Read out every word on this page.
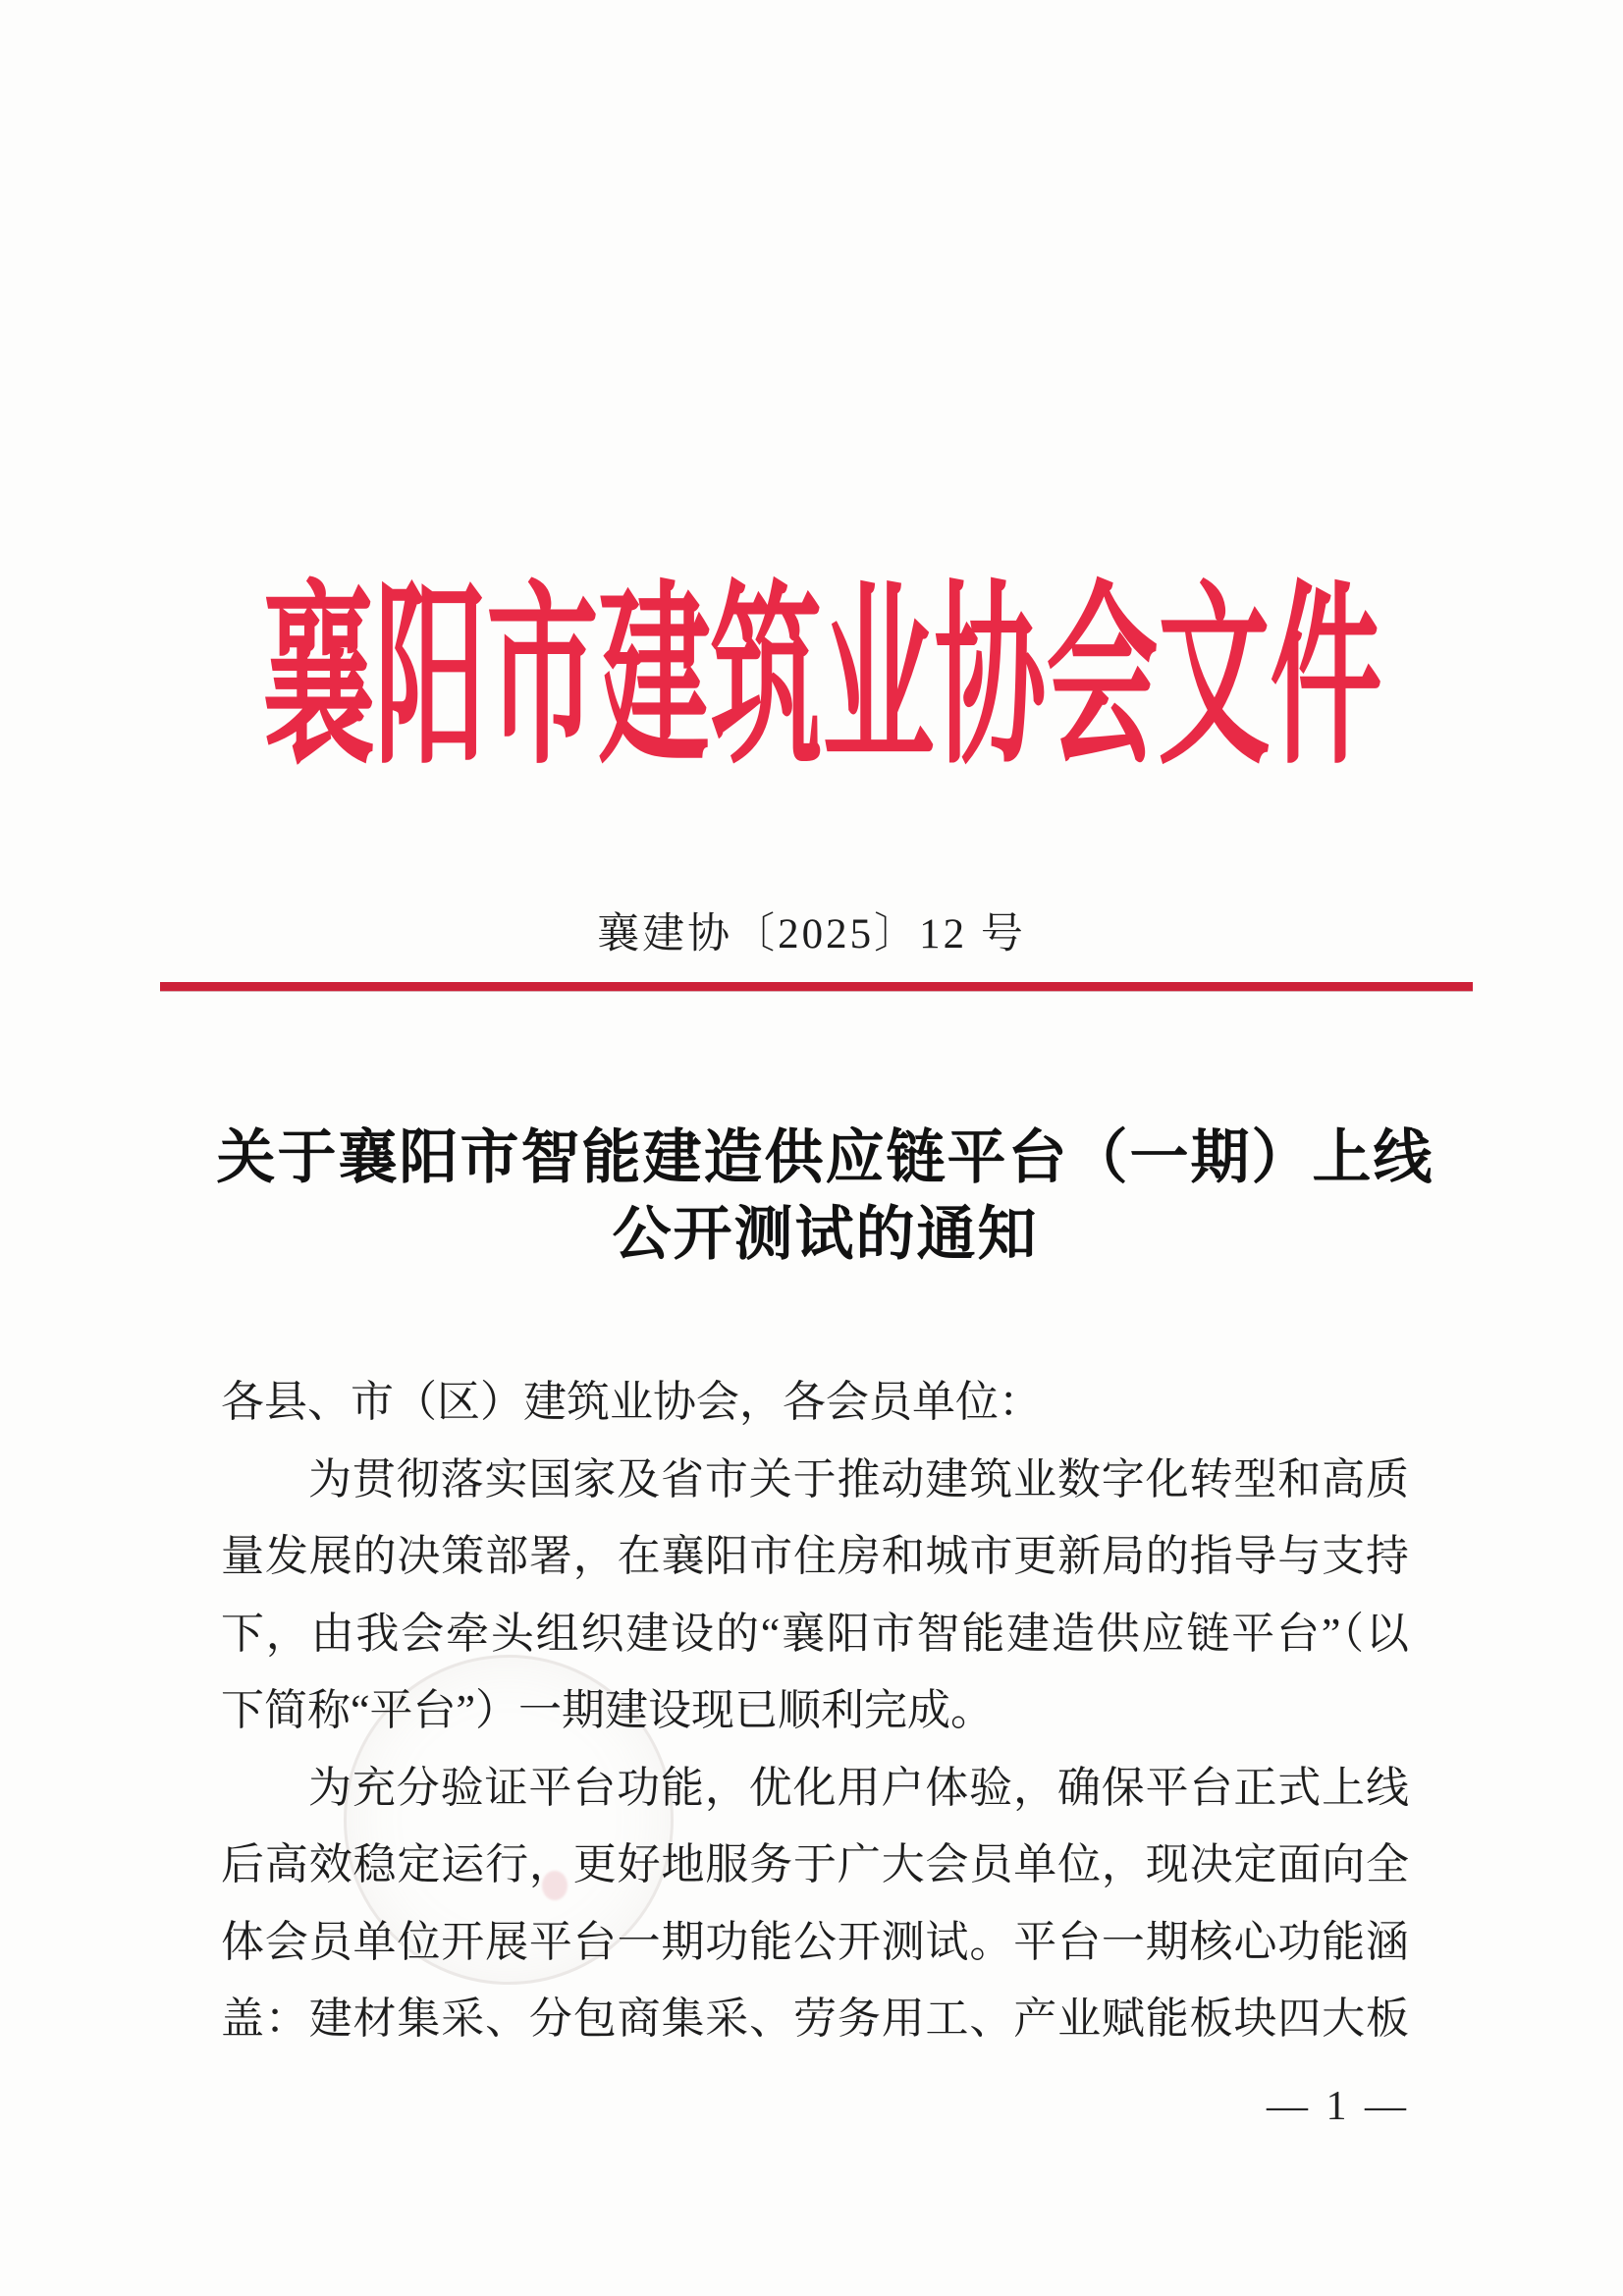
襄阳市建筑业协会文件
襄建协〔2025〕12 号
关于襄阳市智能建造供应链平台（一期）上线
公开测试的通知
各县、市（区）建筑业协会，各会员单位：
为贯彻落实国家及省市关于推动建筑业数字化转型和高质
量发展的决策部署，在襄阳市住房和城市更新局的指导与支持
下，由我会牵头组织建设的“襄阳市智能建造供应链平台”（以
下简称“平台”）一期建设现已顺利完成。
为充分验证平台功能，优化用户体验，确保平台正式上线
后高效稳定运行，更好地服务于广大会员单位，现决定面向全
体会员单位开展平台一期功能公开测试。平台一期核心功能涵
盖：建材集采、分包商集采、劳务用工、产业赋能板块四大板
— 1 —
